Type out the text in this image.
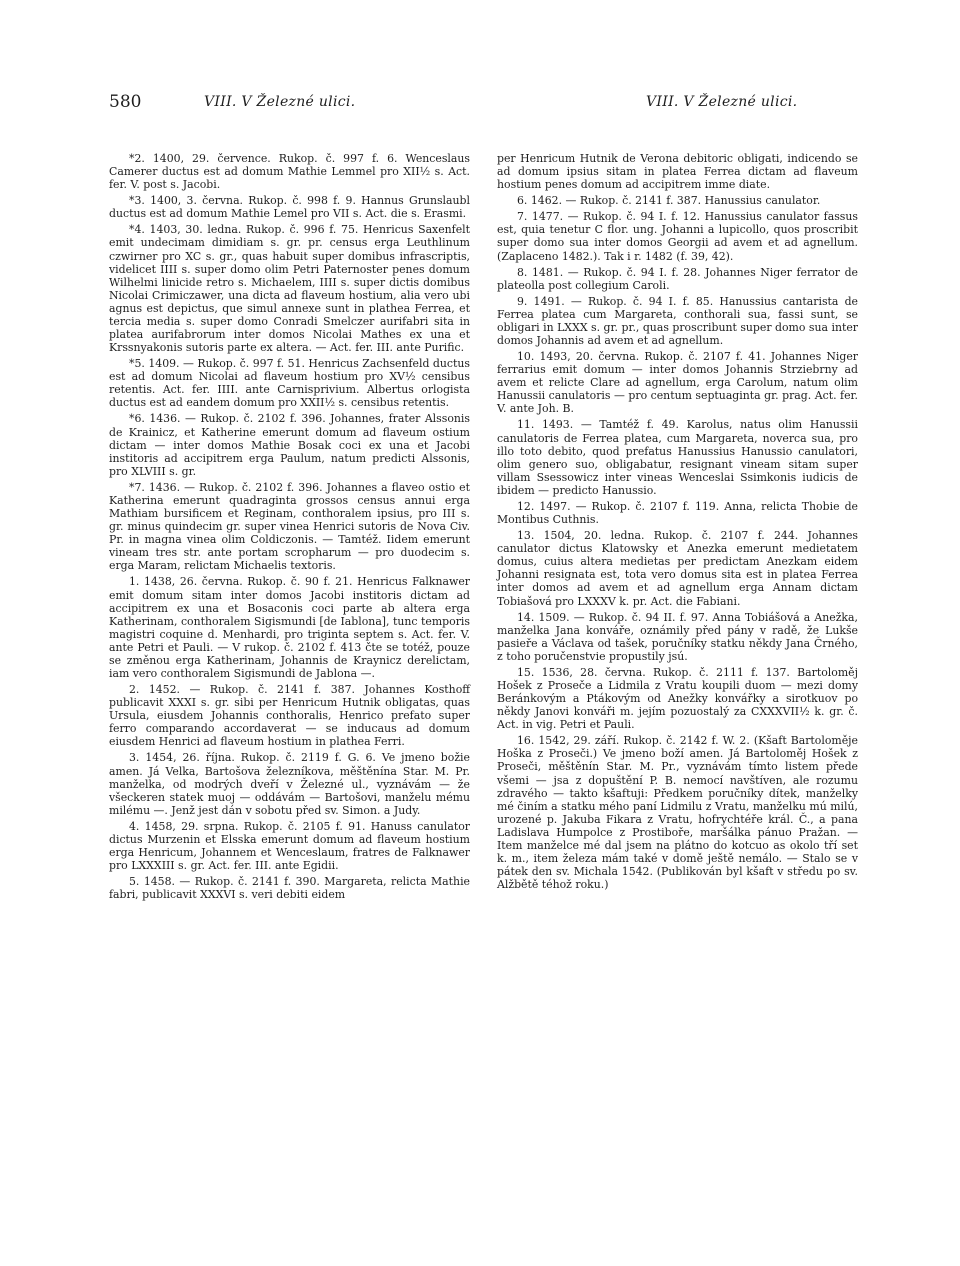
580	VIII. V Železné ulici.	VIII. V Železné ulici.

*2. 1400, 29. července. Rukop. č. 997 f. 6. Wenceslaus Camerer ductus est ad domum Mathie Lemmel pro XII½ s. Act. fer. V. post s. Jacobi.

*3. 1400, 3. června. Rukop. č. 998 f. 9. Hannus Grunslaubl ductus est ad domum Mathie Lemel pro VII s. Act. die s. Erasmi.

*4. 1403, 30. ledna. Rukop. č. 996 f. 75. Henricus Saxenfelt emit undecimam dimidiam s. gr. pr. census erga Leuthlinum czwirner pro XC s. gr., quas habuit super domibus infrascriptis, videlicet IIII s. super domo olim Petri Paternoster penes domum Wilhelmi linicide retro s. Michaelem, IIII s. super dictis domibus Nicolai Crimiczawer, una dicta ad flaveum hostium, alia vero ubi agnus est depictus, que simul annexe sunt in plathea Ferrea, et tercia media s. super domo Conradi Smelczer aurifabri sita in platea aurifabrorum inter domos Nicolai Mathes ex una et Krssnyakonis sutoris parte ex altera. — Act. fer. III. ante Purific.

*5. 1409. — Rukop. č. 997 f. 51. Henricus Zachsenfeld ductus est ad domum Nicolai ad flaveum hostium pro XV½ censibus retentis. Act. fer. IIII. ante Carnisprivium. Albertus orlogista ductus est ad eandem domum pro XXII½ s. censibus retentis.

*6. 1436. — Rukop. č. 2102 f. 396. Johannes, frater Alssonis de Krainicz, et Katherine emerunt domum ad flaveum ostium dictam — inter domos Mathie Bosak coci ex una et Jacobi institoris ad accipitrem erga Paulum, natum predicti Alssonis, pro XLVIII s. gr.

*7. 1436. — Rukop. č. 2102 f. 396. Johannes a flaveo ostio et Katherina emerunt quadraginta grossos census annui erga Mathiam bursificem et Reginam, conthoralem ipsius, pro III s. gr. minus quindecim gr. super vinea Henrici sutoris de Nova Civ. Pr. in magna vinea olim Coldiczonis. — Tamtéž. Iidem emerunt vineam tres str. ante portam scropharum — pro duodecim s. erga Maram, relictam Michaelis textoris.

1. 1438, 26. června. Rukop. č. 90 f. 21. Henricus Falknawer emit domum sitam inter domos Jacobi institoris dictam ad accipitrem ex una et Bosaconis coci parte ab altera erga Katherinam, conthoralem Sigismundi [de Iablona], tunc temporis magistri coquine d. Menhardi, pro triginta septem s. Act. fer. V. ante Petri et Pauli. — V rukop. č. 2102 f. 413 čte se totéž, pouze se změnou erga Katherinam, Johannis de Kraynicz derelictam, iam vero conthoralem Sigismundi de Jablona —.

2. 1452. — Rukop. č. 2141 f. 387. Johannes Kosthoff publicavit XXXI s. gr. sibi per Henricum Hutnik obligatas, quas Ursula, eiusdem Johannis conthoralis, Henrico prefato super ferro comparando accordaverat — se inducaus ad domum eiusdem Henrici ad flaveum hostium in plathea Ferri.

3. 1454, 26. října. Rukop. č. 2119 f. G. 6. Ve jmeno božie amen. Já Velka, Bartošova železníkova, měštěnína Star. M. Pr. manželka, od modrých dveří v Železné ul., vyznávám — že všeckeren statek muoj — oddávám — Bartošovi, manželu mému milému —. Jenž jest dán v sobotu před sv. Simon. a Judy.

4. 1458, 29. srpna. Rukop. č. 2105 f. 91. Hanuss canulator dictus Murzenin et Elsska emerunt domum ad flaveum hostium erga Henricum, Johannem et Wenceslaum, fratres de Falknawer pro LXXXIII s. gr. Act. fer. III. ante Egidii.

5. 1458. — Rukop. č. 2141 f. 390. Margareta, relicta Mathie fabri, publicavit XXXVI s. veri debiti eidem

per Henricum Hutnik de Verona debitoric obligati, indicendo se ad domum ipsius sitam in platea Ferrea dictam ad flaveum hostium penes domum ad accipitrem imme diate.

6. 1462. — Rukop. č. 2141 f. 387. Hanussius canulator.

7. 1477. — Rukop. č. 94 I. f. 12. Hanussius canulator fassus est, quia tenetur C flor. ung. Johanni a lupicollo, quos proscribit super domo sua inter domos Georgii ad avem et ad agnellum. (Zaplaceno 1482.). Tak i r. 1482 (f. 39, 42).

8. 1481. — Rukop. č. 94 I. f. 28. Johannes Niger ferrator de plateolla post collegium Caroli.

9. 1491. — Rukop. č. 94 I. f. 85. Hanussius cantarista de Ferrea platea cum Margareta, conthorali sua, fassi sunt, se obligari in LXXX s. gr. pr., quas proscribunt super domo sua inter domos Johannis ad avem et ad agnellum.

10. 1493, 20. června. Rukop. č. 2107 f. 41. Johannes Niger ferrarius emit domum — inter domos Johannis Strziebrny ad avem et relicte Clare ad agnellum, erga Carolum, natum olim Hanussii canulatoris — pro centum septuaginta gr. prag. Act. fer. V. ante Joh. B.

11. 1493. — Tamtéž f. 49. Karolus, natus olim Hanussii canulatoris de Ferrea platea, cum Margareta, noverca sua, pro illo toto debito, quod prefatus Hanussius Hanussio canulatori, olim genero suo, obligabatur, resignant vineam sitam super villam Ssessowicz inter vineas Wenceslai Ssimkonis iudicis de ibidem — predicto Hanussio.

12. 1497. — Rukop. č. 2107 f. 119. Anna, relicta Thobie de Montibus Cuthnis.

13. 1504, 20. ledna. Rukop. č. 2107 f. 244. Johannes canulator dictus Klatowsky et Anezka emerunt medietatem domus, cuius altera medietas per predictam Anezkam eidem Johanni resignata est, tota vero domus sita est in platea Ferrea inter domos ad avem et ad agnellum erga Annam dictam Tobiašová pro LXXXV k. pr. Act. die Fabiani.

14. 1509. — Rukop. č. 94 II. f. 97. Anna Tobiášová a Anežka, manželka Jana konváře, oznámily před pány v radě, že Lukše pasieře a Václava od tašek, poručníky statku někdy Jana Črného, z toho poručenstvie propustily jsú.

15. 1536, 28. června. Rukop. č. 2111 f. 137. Bartoloměj Hošek z Proseče a Lidmila z Vratu koupili duom — mezi domy Beránkovým a Ptákovým od Anežky konvářky a sirotkuov po někdy Janovi konváři m. jejím pozuostalý za CXXXVII½ k. gr. č. Act. in vig. Petri et Pauli.

16. 1542, 29. září. Rukop. č. 2142 f. W. 2. (Kšaft Bartoloměje Hoška z Proseči.) Ve jmeno boží amen. Já Bartoloměj Hošek z Proseči, měštěnín Star. M. Pr., vyznávám tímto listem přede všemi — jsa z dopuštění P. B. nemocí navštíven, ale rozumu zdravého — takto kšaftuji: Předkem poručníky dítek, manželky mé činím a statku mého paní Lidmilu z Vratu, manželku mú milú, urozené p. Jakuba Fikara z Vratu, hofrychtéře král. Č., a pana Ladislava Humpolce z Prostiboře, maršálka pánuo Pražan. — Item manželce mé dal jsem na plátno do kotcuo as okolo tří set k. m., item železa mám také v domě ještě nemálo. — Stalo se v pátek den sv. Michala 1542. (Publikován byl kšaft v středu po sv. Alžbětě téhož roku.)
